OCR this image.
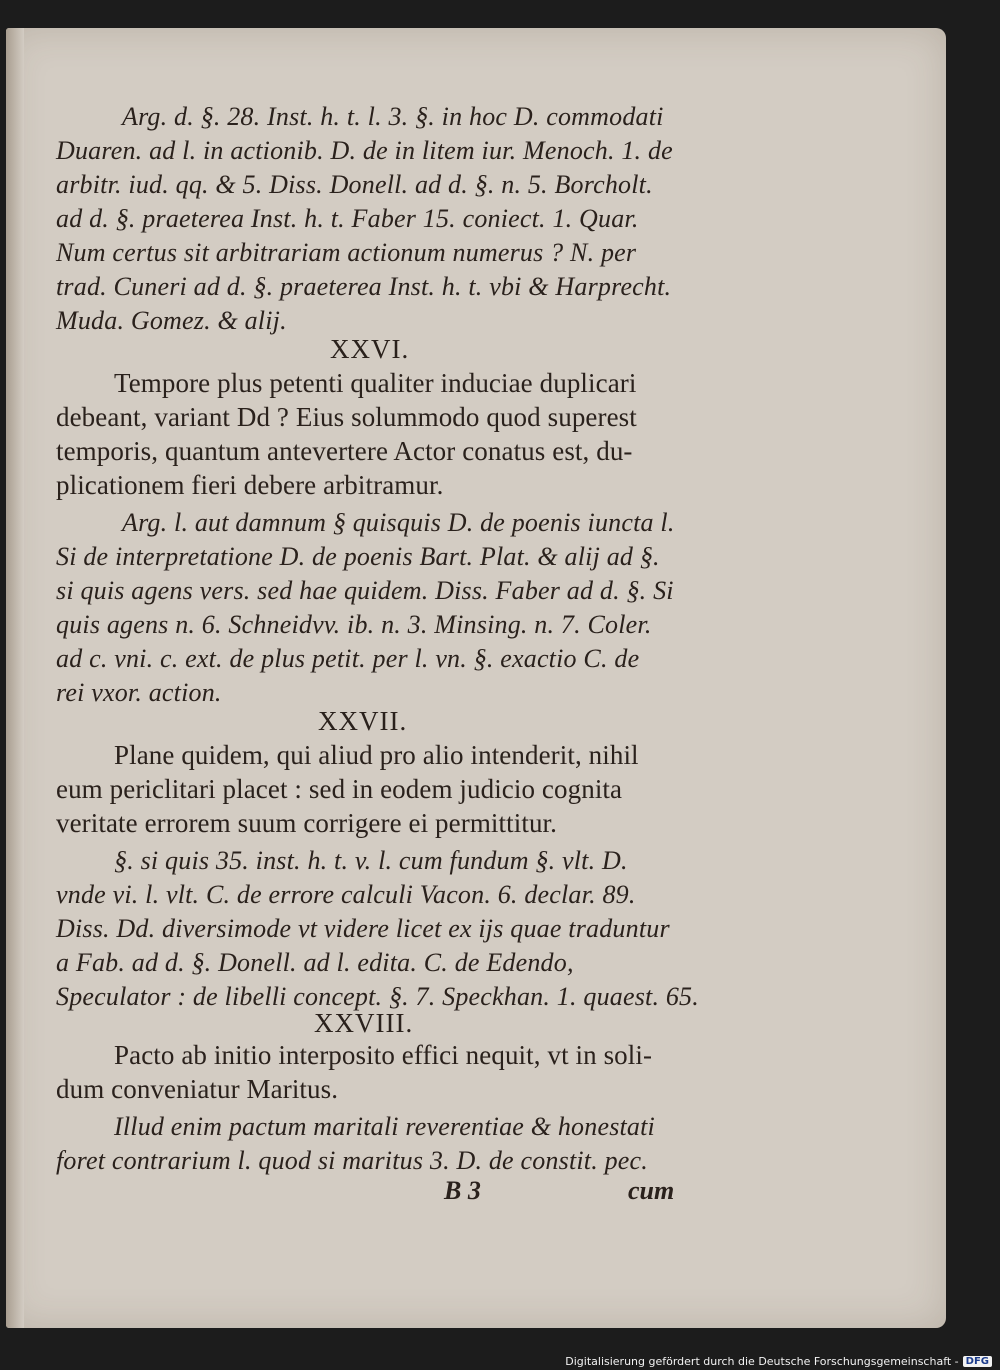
Arg. d. §. 28. Inst. h. t. l. 3. §. in hoc D. commodati
Duaren. ad l. in actionib. D. de in litem iur. Menoch. 1. de
arbitr. iud. qq. & 5. Diss. Donell. ad d. §. n. 5. Borcholt.
ad d. §. praeterea Inst. h. t. Faber 15. coniect. 1. Quar.
Num certus sit arbitrariam actionum numerus ? N. per
trad. Cuneri ad d. §. praeterea Inst. h. t. vbi & Harprecht.
Muda. Gomez. & alij.
XXVI.
Tempore plus petenti qualiter induciae duplicari
debeant, variant Dd ? Eius solummodo quod superest
temporis, quantum antevertere Actor conatus est, du-
plicationem fieri debere arbitramur.
Arg. l. aut damnum § quisquis D. de poenis iuncta l.
Si de interpretatione D. de poenis Bart. Plat. & alij ad §.
si quis agens vers. sed hae quidem. Diss. Faber ad d. §. Si
quis agens n. 6. Schneidvv. ib. n. 3. Minsing. n. 7. Coler.
ad c. vni. c. ext. de plus petit. per l. vn. §. exactio C. de
rei vxor. action.
XXVII.
Plane quidem, qui aliud pro alio intenderit, nihil
eum periclitari placet : sed in eodem judicio cognita
veritate errorem suum corrigere ei permittitur.
§. si quis 35. inst. h. t. v. l. cum fundum §. vlt. D.
vnde vi. l. vlt. C. de errore calculi Vacon. 6. declar. 89.
Diss. Dd. diversimode vt videre licet ex ijs quae traduntur
a Fab. ad d. §. Donell. ad l. edita. C. de Edendo,
Speculator : de libelli concept. §. 7. Speckhan. 1. quaest. 65.
XXVIII.
Pacto ab initio interposito effici nequit, vt in soli-
dum conveniatur Maritus.
Illud enim pactum maritali reverentiae & honestati
foret contrarium l. quod si maritus 3. D. de constit. pec.
B 3	cum
Digitalisierung gefördert durch die Deutsche Forschungsgemeinschaft - DFG
